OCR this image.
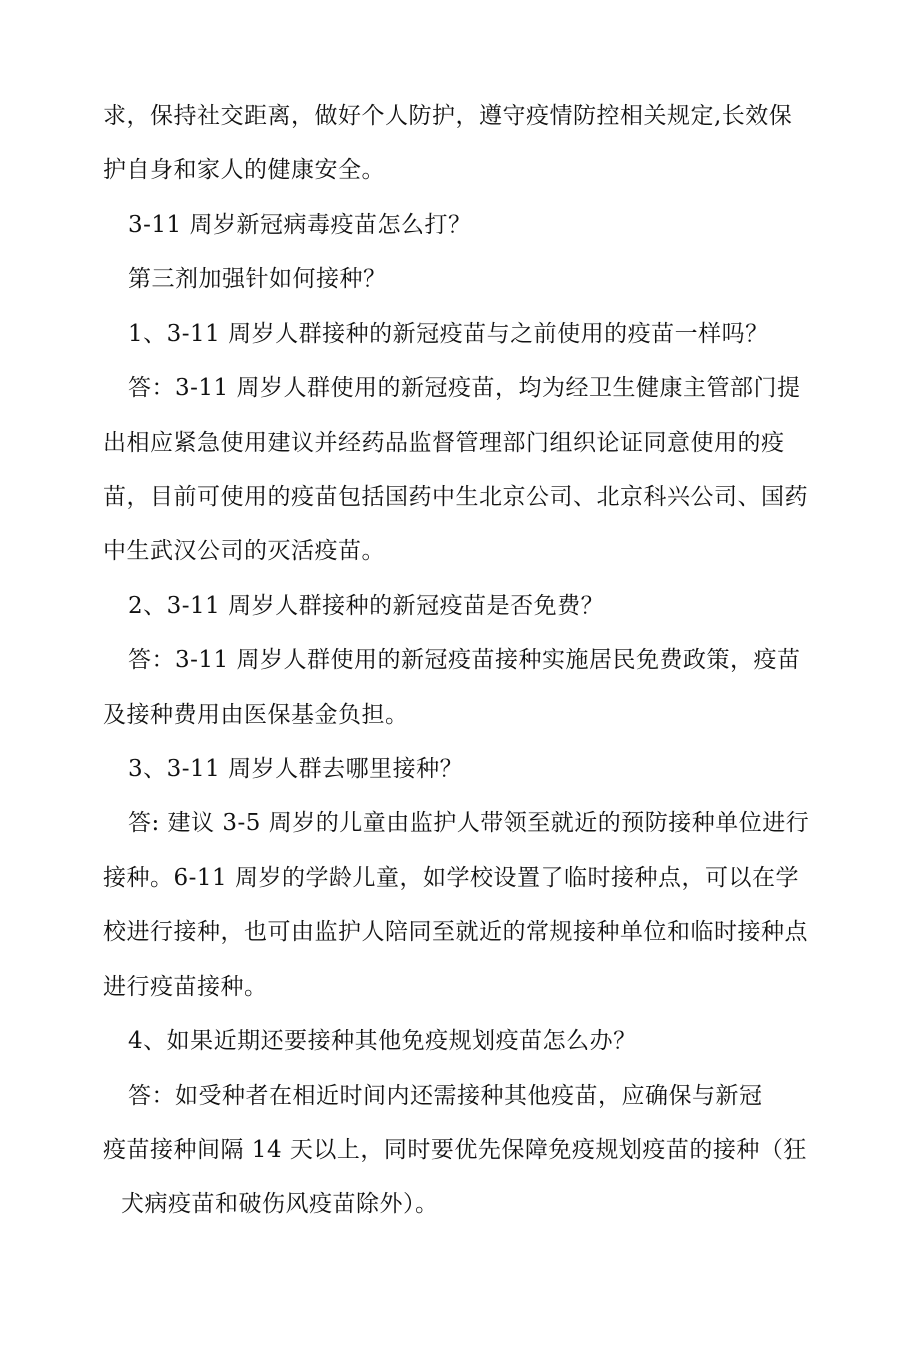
求，保持社交距离，做好个人防护，遵守疫情防控相关规定,长效保
护自身和家人的健康安全。
3-11 周岁新冠病毒疫苗怎么打？
第三剂加强针如何接种？
1、3-11 周岁人群接种的新冠疫苗与之前使用的疫苗一样吗？
答：3-11 周岁人群使用的新冠疫苗，均为经卫生健康主管部门提
出相应紧急使用建议并经药品监督管理部门组织论证同意使用的疫
苗，目前可使用的疫苗包括国药中生北京公司、北京科兴公司、国药
中生武汉公司的灭活疫苗。
2、3-11 周岁人群接种的新冠疫苗是否免费？
答：3-11 周岁人群使用的新冠疫苗接种实施居民免费政策，疫苗
及接种费用由医保基金负担。
3、3-11 周岁人群去哪里接种？
答: 建议 3-5 周岁的儿童由监护人带领至就近的预防接种单位进行
接种。6-11 周岁的学龄儿童，如学校设置了临时接种点，可以在学
校进行接种，也可由监护人陪同至就近的常规接种单位和临时接种点
进行疫苗接种。
4、如果近期还要接种其他免疫规划疫苗怎么办？
答：如受种者在相近时间内还需接种其他疫苗，应确保与新冠
疫苗接种间隔 14 天以上，同时要优先保障免疫规划疫苗的接种（狂
犬病疫苗和破伤风疫苗除外）。
